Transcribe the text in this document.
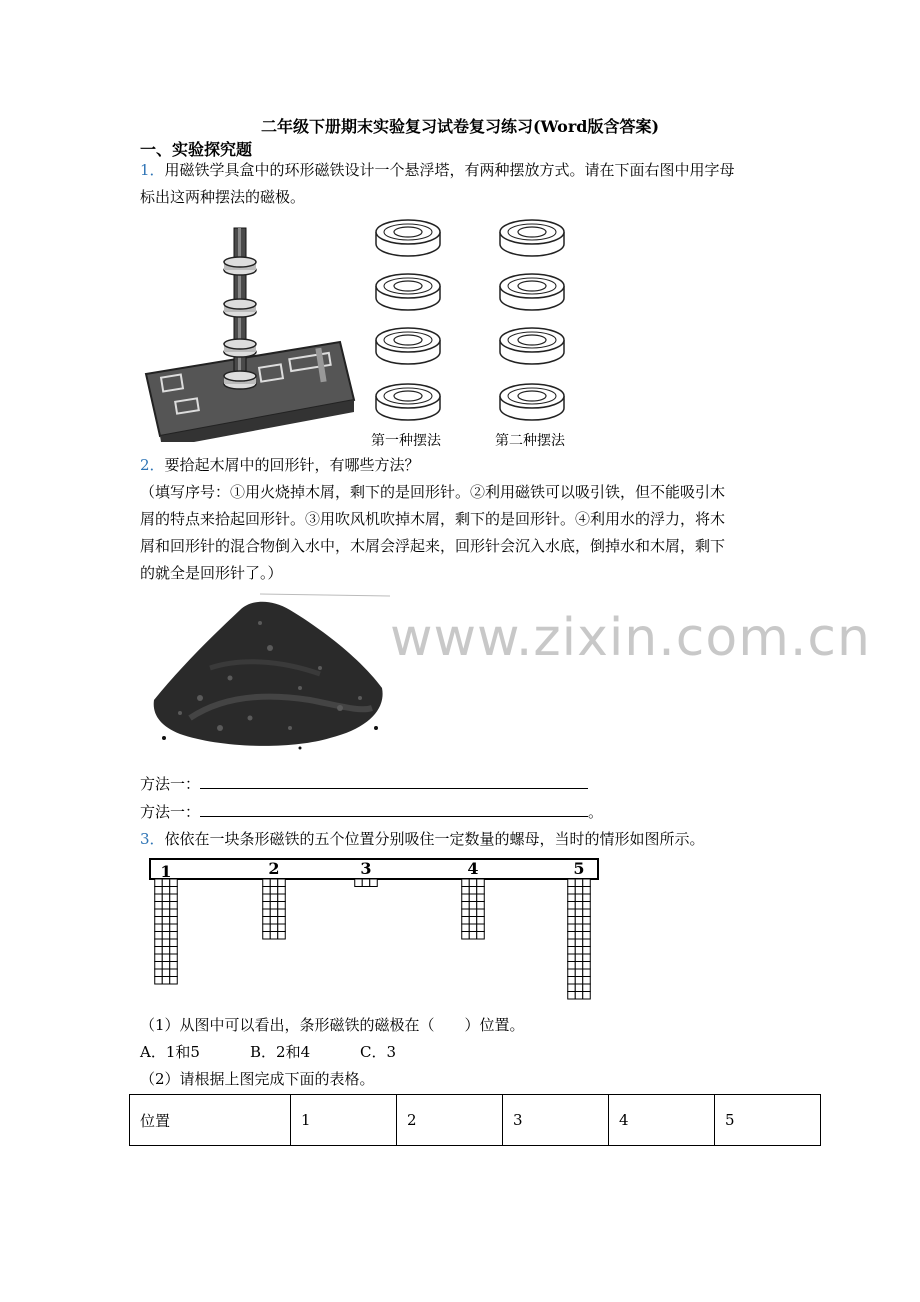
二年级下册期末实验复习试卷复习练习(Word版含答案)
一、实验探究题
1．用磁铁学具盒中的环形磁铁设计一个悬浮塔，有两种摆放方式。请在下面右图中用字母
标出这两种摆法的磁极。
第一种摆法	第二种摆法
2．要拾起木屑中的回形针，有哪些方法？
（填写序号：①用火烧掉木屑，剩下的是回形针。②利用磁铁可以吸引铁，但不能吸引木
屑的特点来拾起回形针。③用吹风机吹掉木屑，剩下的是回形针。④利用水的浮力，将木
屑和回形针的混合物倒入水中，木屑会浮起来，回形针会沉入水底，倒掉水和木屑，剩下
的就全是回形针了。）
www.zixin.com.cn
方法一：
方法一：	。
3．依依在一块条形磁铁的五个位置分别吸住一定数量的螺母，当时的情形如图所示。
1	2	3	4	5
（1）从图中可以看出，条形磁铁的磁极在（　　）位置。
A．1和5	B．2和4	C．3
（2）请根据上图完成下面的表格。
位置	1	2	3	4	5
